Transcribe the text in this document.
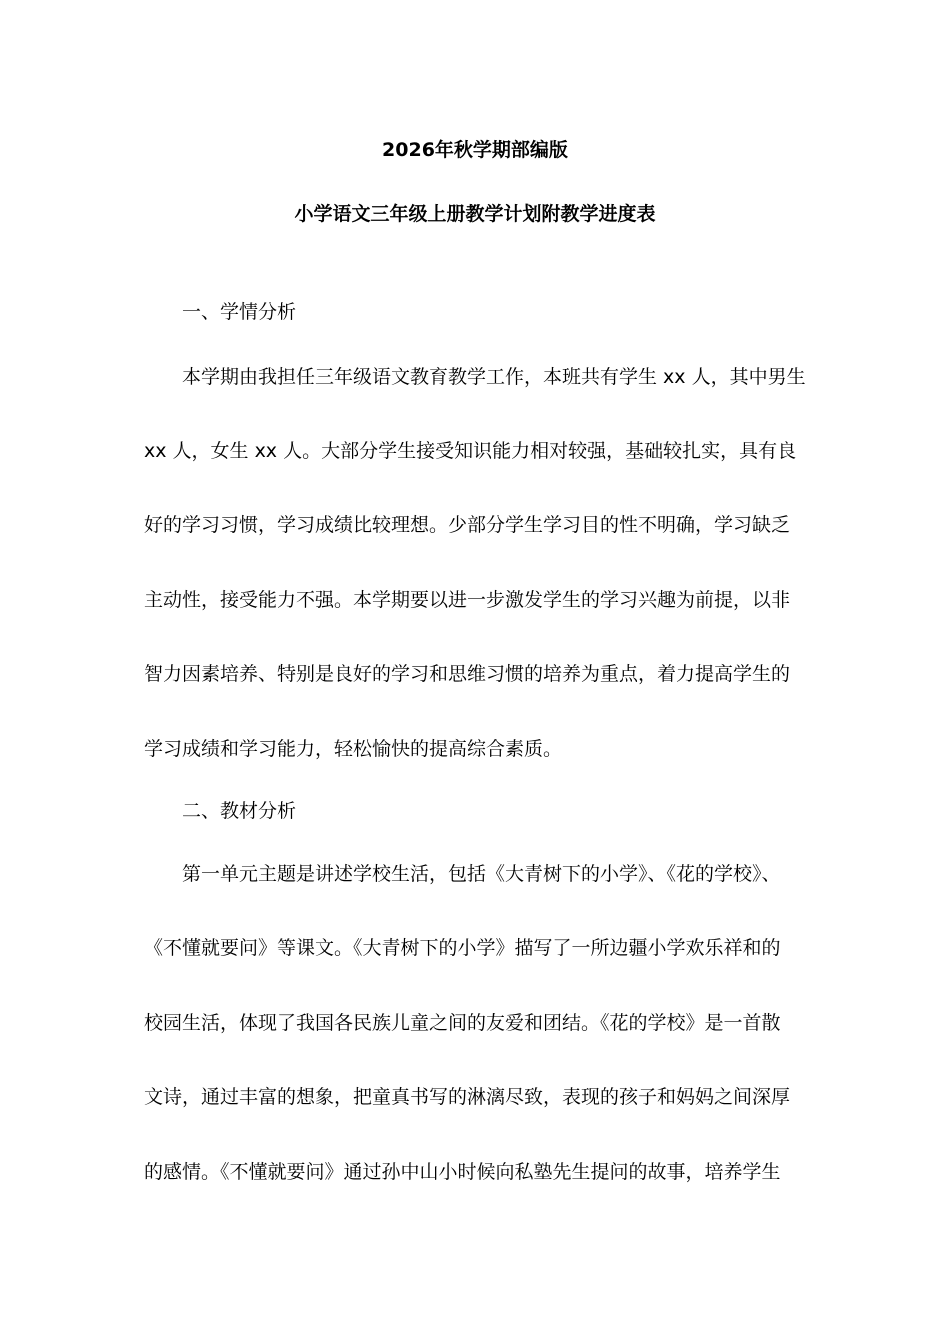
2026年秋学期部编版
小学语文三年级上册教学计划附教学进度表
一、学情分析
本学期由我担任三年级语文教育教学工作，本班共有学生 xx 人，其中男生
xx 人，女生 xx 人。大部分学生接受知识能力相对较强，基础较扎实，具有良
好的学习习惯，学习成绩比较理想。少部分学生学习目的性不明确，学习缺乏
主动性，接受能力不强。本学期要以进一步激发学生的学习兴趣为前提，以非
智力因素培养、特别是良好的学习和思维习惯的培养为重点，着力提高学生的
学习成绩和学习能力，轻松愉快的提高综合素质。
二、教材分析
第一单元主题是讲述学校生活，包括《大青树下的小学》、《花的学校》、
《不懂就要问》等课文。《大青树下的小学》描写了一所边疆小学欢乐祥和的
校园生活，体现了我国各民族儿童之间的友爱和团结。《花的学校》是一首散
文诗，通过丰富的想象，把童真书写的淋漓尽致，表现的孩子和妈妈之间深厚
的感情。《不懂就要问》通过孙中山小时候向私塾先生提问的故事，培养学生
